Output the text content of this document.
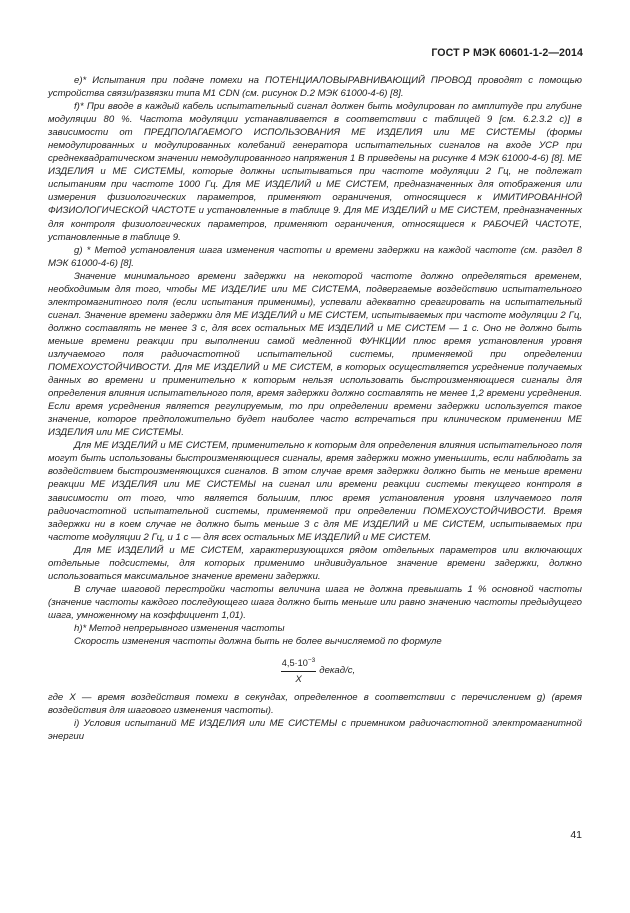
ГОСТ Р МЭК 60601-1-2—2014

e)* Испытания при подаче помехи на ПОТЕНЦИАЛОВЫРАВНИВАЮЩИЙ ПРОВОД проводят с помощью устройства связи/развязки типа M1 CDN (см. рисунок D.2 МЭК 61000-4-6) [8].

f)* При вводе в каждый кабель испытательный сигнал должен быть модулирован по амплитуде при глубине модуляции 80 %. Частота модуляции устанавливается в соответствии с таблицей 9 [см. 6.2.3.2 c)] в зависимости от ПРЕДПОЛАГАЕМОГО ИСПОЛЬЗОВАНИЯ ME ИЗДЕЛИЯ или ME СИСТЕМЫ (формы немодулированных и модулированных колебаний генератора испытательных сигналов на входе УСР при среднеквадратическом значении немодулированного напряжения 1 В приведены на рисунке 4 МЭК 61000-4-6) [8]. ME ИЗДЕЛИЯ и ME СИСТЕМЫ, которые должны испытываться при частоте модуляции 2 Гц, не подлежат испытаниям при частоте 1000 Гц. Для ME ИЗДЕЛИЙ и ME СИСТЕМ, предназначенных для отображения или измерения физиологических параметров, применяют ограничения, относящиеся к ИМИТИРОВАННОЙ ФИЗИОЛОГИЧЕСКОЙ ЧАСТОТЕ и установленные в таблице 9. Для ME ИЗДЕЛИЙ и ME СИСТЕМ, предназначенных для контроля физиологических параметров, применяют ограничения, относящиеся к РАБОЧЕЙ ЧАСТОТЕ, установленные в таблице 9.

g) * Метод установления шага изменения частоты и времени задержки на каждой частоте (см. раздел 8 МЭК 61000-4-6) [8].

Значение минимального времени задержки на некоторой частоте должно определяться временем, необходимым для того, чтобы ME ИЗДЕЛИЕ или ME СИСТЕМА, подвергаемые воздействию испытательного электромагнитного поля (если испытания применимы), успевали адекватно среагировать на испытательный сигнал. Значение времени задержки для ME ИЗДЕЛИЙ и ME СИСТЕМ, испытываемых при частоте модуляции 2 Гц, должно составлять не менее 3 с, для всех остальных ME ИЗДЕЛИЙ и ME СИСТЕМ — 1 с. Оно не должно быть меньше времени реакции при выполнении самой медленной ФУНКЦИИ плюс время установления уровня излучаемого поля радиочастотной испытательной системы, применяемой при определении ПОМЕХОУСТОЙЧИВОСТИ. Для ME ИЗДЕЛИЙ и ME СИСТЕМ, в которых осуществляется усреднение получаемых данных во времени и применительно к которым нельзя использовать быстроизменяющиеся сигналы для определения влияния испытательного поля, время задержки должно составлять не менее 1,2 времени усреднения. Если время усреднения является регулируемым, то при определении времени задержки используется такое значение, которое предположительно будет наиболее часто встречаться при клиническом применении ME ИЗДЕЛИЯ или ME СИСТЕМЫ.

Для ME ИЗДЕЛИЙ и ME СИСТЕМ, применительно к которым для определения влияния испытательного поля могут быть использованы быстроизменяющиеся сигналы, время задержки можно уменьшить, если наблюдать за воздействием быстроизменяющихся сигналов. В этом случае время задержки должно быть не меньше времени реакции ME ИЗДЕЛИЯ или ME СИСТЕМЫ на сигнал или времени реакции системы текущего контроля в зависимости от того, что является большим, плюс время установления уровня излучаемого поля радиочастотной испытательной системы, применяемой при определении ПОМЕХОУСТОЙЧИВОСТИ. Время задержки ни в коем случае не должно быть меньше 3 с для ME ИЗДЕЛИЙ и ME СИСТЕМ, испытываемых при частоте модуляции 2 Гц, и 1 с — для всех остальных ME ИЗДЕЛИЙ и ME СИСТЕМ.

Для ME ИЗДЕЛИЙ и ME СИСТЕМ, характеризующихся рядом отдельных параметров или включающих отдельные подсистемы, для которых применимо индивидуальное значение времени задержки, должно использоваться максимальное значение времени задержки.

В случае шаговой перестройки частоты величина шага не должна превышать 1 % основной частоты (значение частоты каждого последующего шага должно быть меньше или равно значению частоты предыдущего шага, умноженному на коэффициент 1,01).

h)* Метод непрерывного изменения частоты

Скорость изменения частоты должна быть не более вычисляемой по формуле

$\frac{4,5\cdot 10^{-3}}{X}$ декад/с,

где X — время воздействия помехи в секундах, определенное в соответствии с перечислением g) (время воздействия для шагового изменения частоты).

i) Условия испытаний ME ИЗДЕЛИЯ или ME СИСТЕМЫ с приемником радиочастотной электромагнитной энергии

41
